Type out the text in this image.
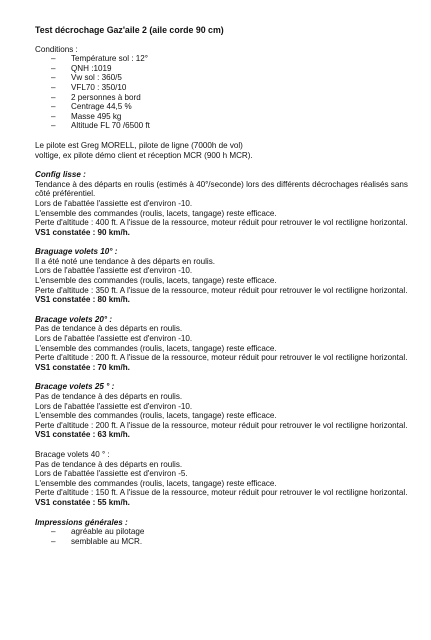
Test décrochage Gaz'aile 2 (aile corde 90 cm)

Conditions :

– Température sol : 12°
– QNH :1019
– Vw sol : 360/5
– VFL70 : 350/10
– 2 personnes à bord
– Centrage 44,5 %
– Masse 495 kg
– Altitude FL 70 /6500 ft

Le pilote est Greg MORELL, pilote de ligne (7000h de vol)

voltige, ex pilote démo client et réception MCR (900 h MCR).

Config lisse :

Tendance à des départs en roulis (estimés à 40°/seconde) lors des différents décrochages réalisés sans côté préférentiel.

Lors de l'abattée l'assiette est d'environ -10.

L'ensemble des commandes (roulis, lacets, tangage) reste efficace.

Perte d'altitude : 400 ft. A l'issue de la ressource, moteur réduit pour retrouver le vol rectiligne horizontal.

VS1 constatée : 90 km/h.

Braguage volets 10° :

Il a été noté une tendance à des départs en roulis.

Lors de l'abattée l'assiette est d'environ -10.

L'ensemble des commandes (roulis, lacets, tangage) reste efficace.

Perte d'altitude : 350 ft. A l'issue de la ressource, moteur réduit pour retrouver le vol rectiligne horizontal.

VS1 constatée : 80 km/h.

Bracage volets 20° :

Pas de tendance à des départs en roulis.

Lors de l'abattée l'assiette est d'environ -10.

L'ensemble des commandes (roulis, lacets, tangage) reste efficace.

Perte d'altitude : 200 ft. A l'issue de la ressource, moteur réduit pour retrouver le vol rectiligne horizontal.

VS1 constatée : 70 km/h.

Bracage volets 25 ° :

Pas de tendance à des départs en roulis.

Lors de l'abattée l'assiette est d'environ -10.

L'ensemble des commandes (roulis, lacets, tangage) reste efficace.

Perte d'altitude : 200 ft. A l'issue de la ressource, moteur réduit pour retrouver le vol rectiligne horizontal.

VS1 constatée : 63 km/h.

Bracage volets 40 ° :

Pas de tendance à des départs en roulis.

Lors de l'abattée l'assiette est d'environ -5.

L'ensemble des commandes (roulis, lacets, tangage) reste efficace.

Perte d'altitude : 150 ft. A l'issue de la ressource, moteur réduit pour retrouver le vol rectiligne horizontal.

VS1 constatée : 55 km/h.

Impressions générales :

– agréable au pilotage
– semblable au MCR.
